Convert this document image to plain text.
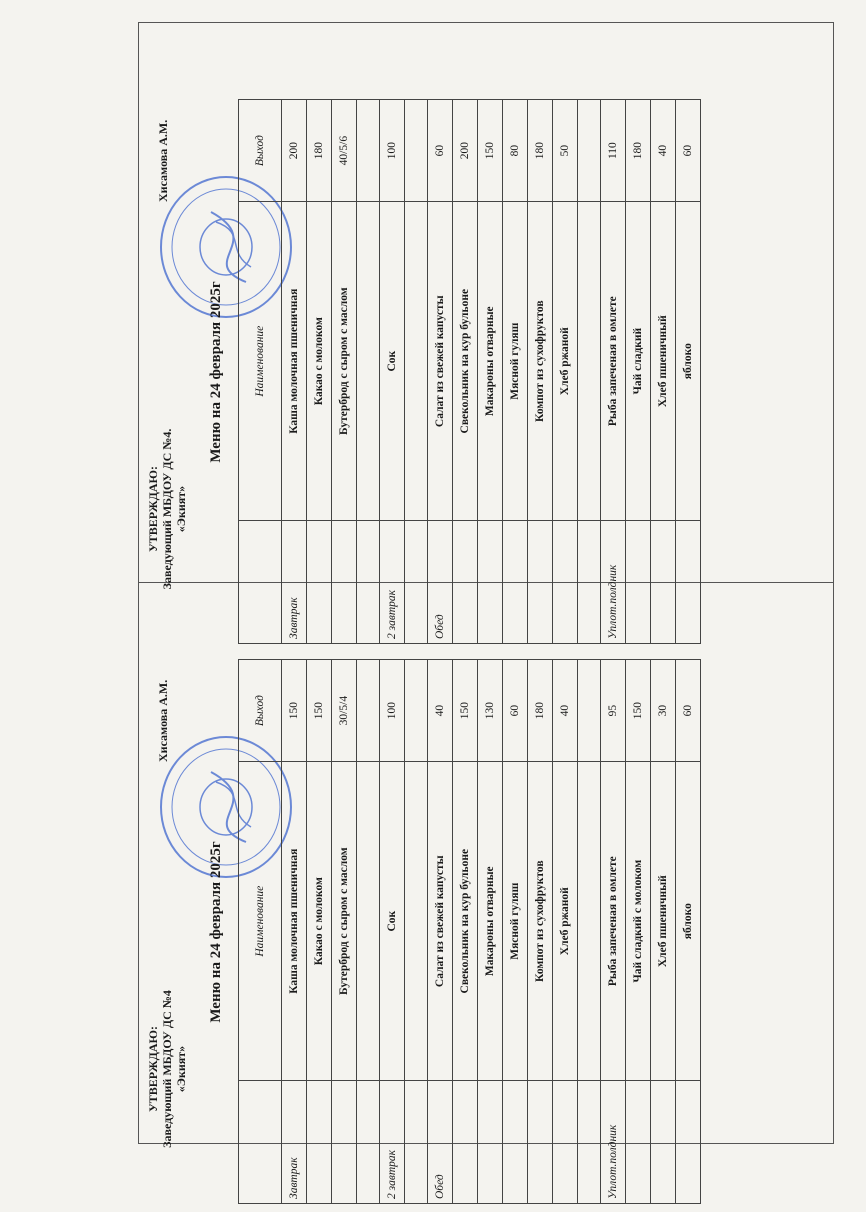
УТВЕРЖДАЮ: Заведующий МБДОУ ДС №4. «Экият»
Хисамова А.М.
Меню на 24 февраля 2025г
		Наименование	Выход
Завтрак	Каша молочная пшеничная	200
	Какао с молоком	180
	Бутерброд с сыром с маслом	40/5/6

2 завтрак	Сок	100

Обед	Салат из свежей капусты	60
	Свекольник на кур бульоне	200
	Макароны отварные	150
	Мясной гуляш	80
	Компот из сухофруктов	180
	Хлеб ржаной	50

Уплот.полдник	Рыба запеченая в омлете	110
	Чай сладкий	180
	Хлеб пшеничный	40
	яблоко	60
УТВЕРЖДАЮ: Заведующий МБДОУ ДС №4 «Экият»
Хисамова А.М.
Меню на 24 февраля 2025г
		Наименование	Выход
Завтрак	Каша молочная пшеничная	150
	Какао с молоком	150
	Бутерброд с сыром с маслом	30/5/4

2 завтрак	Сок	100

Обед	Салат из свежей капусты	40
	Свекольник на кур бульоне	150
	Макароны отварные	130
	Мясной гуляш	60
	Компот из сухофруктов	180
	Хлеб ржаной	40

Уплот.полдник	Рыба запеченая в омлете	95
	Чай сладкий с молоком	150
	Хлеб пшеничный	30
	яблоко	60
